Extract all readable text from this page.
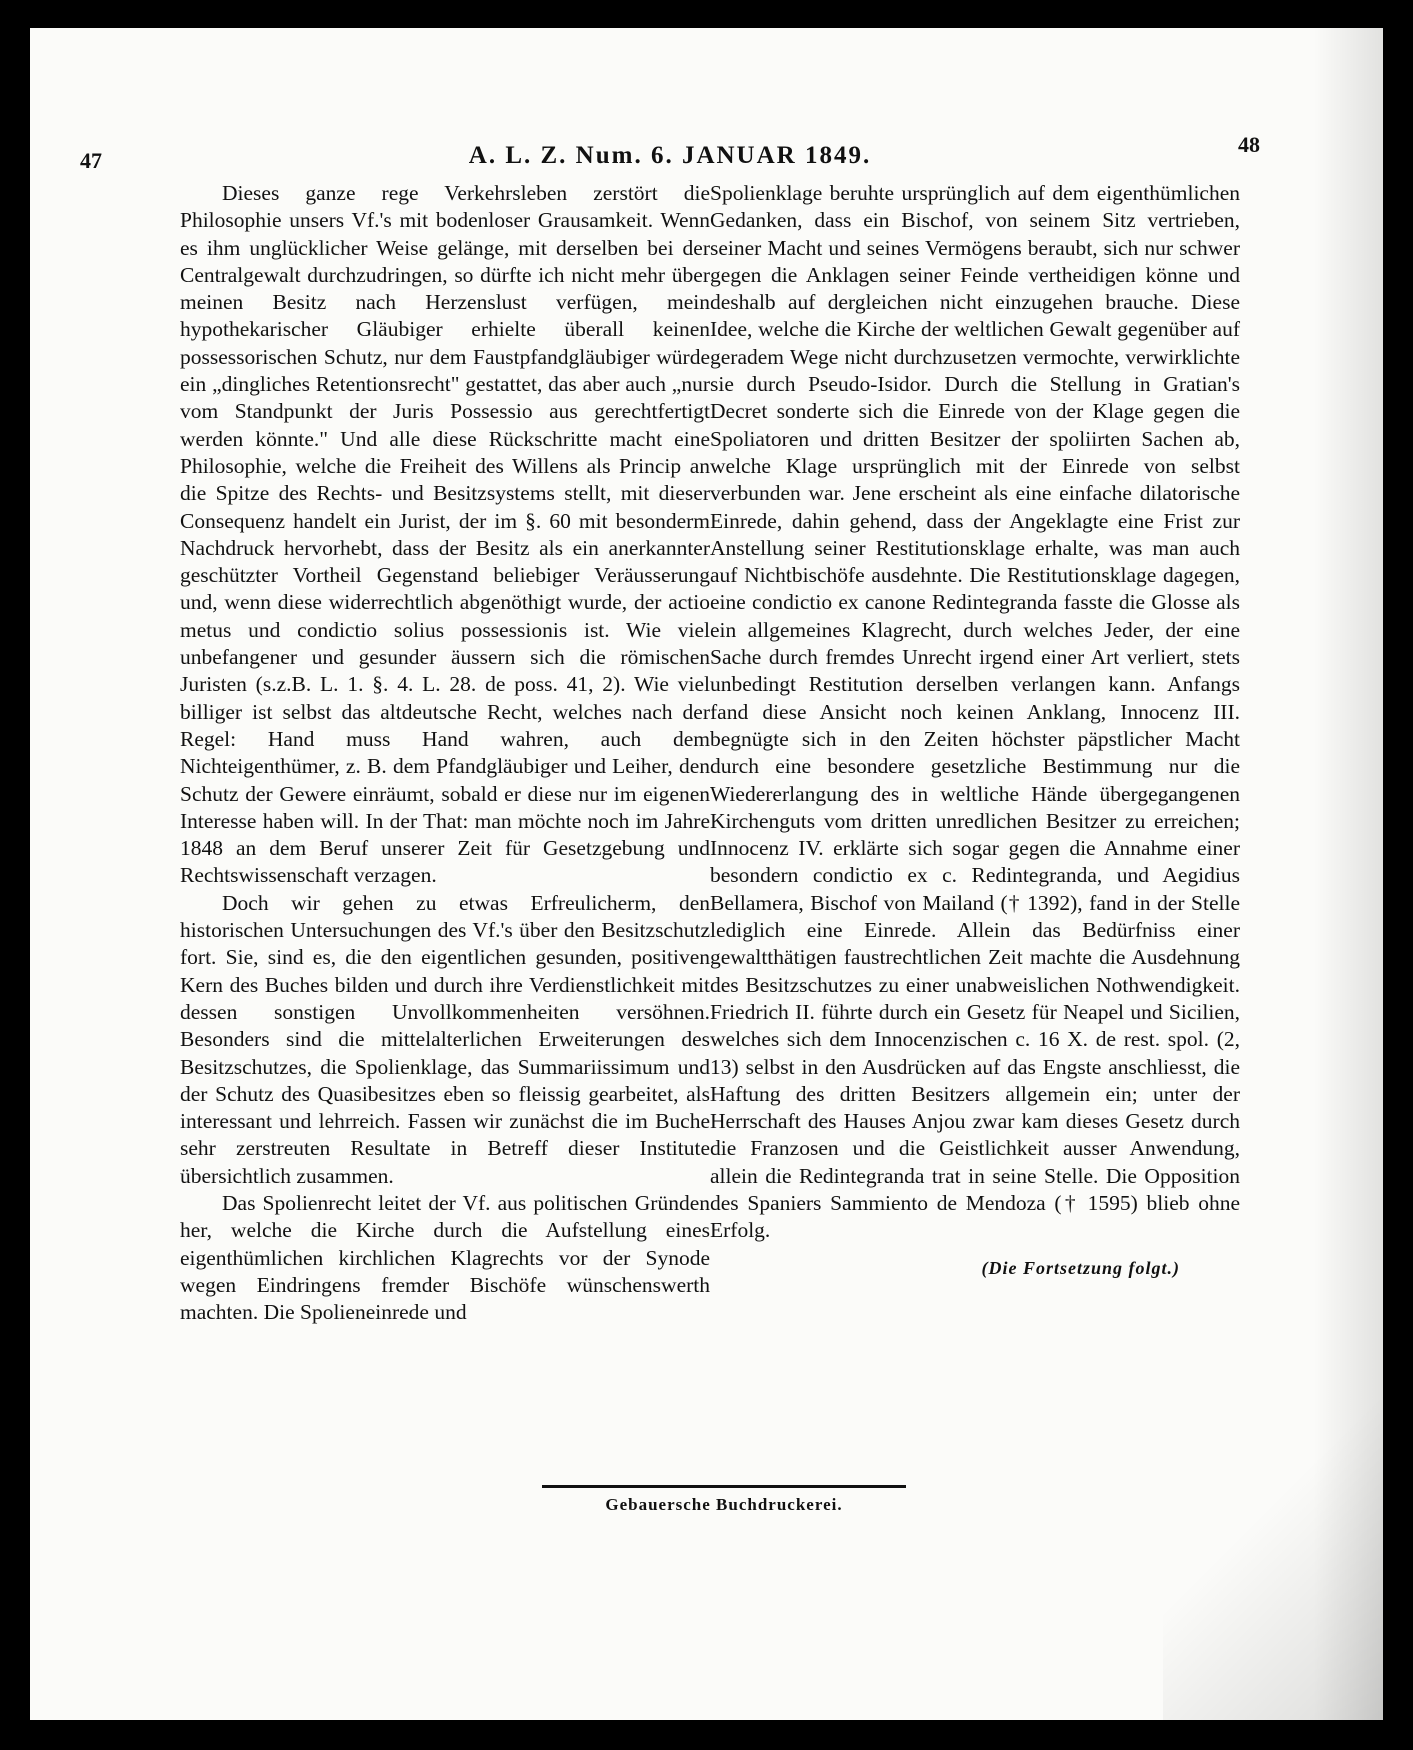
47	A. L. Z. Num. 6. JANUAR 1849.	48

Dieses ganze rege Verkehrsleben zerstört die Philosophie unsers Vf.'s mit bodenloser Grausamkeit. Wenn es ihm unglücklicher Weise gelänge, mit derselben bei der Centralgewalt durchzudringen, so dürfte ich nicht mehr über meinen Besitz nach Herzenslust verfügen, mein hypothekarischer Gläubiger erhielte überall keinen possessorischen Schutz, nur dem Faustpfandgläubiger würde ein „dingliches Retentionsrecht" gestattet, das aber auch „nur vom Standpunkt der Juris Possessio aus gerechtfertigt werden könnte." Und alle diese Rückschritte macht eine Philosophie, welche die Freiheit des Willens als Princip an die Spitze des Rechts- und Besitzsystems stellt, mit dieser Consequenz handelt ein Jurist, der im §. 60 mit besonderm Nachdruck hervorhebt, dass der Besitz als ein anerkannter geschützter Vortheil Gegenstand beliebiger Veräusserung und, wenn diese widerrechtlich abgenöthigt wurde, der actio metus und condictio solius possessionis ist. Wie viel unbefangener und gesunder äussern sich die römischen Juristen (s.z.B. L. 1. §. 4. L. 28. de poss. 41, 2). Wie viel billiger ist selbst das altdeutsche Recht, welches nach der Regel: Hand muss Hand wahren, auch dem Nichteigenthümer, z. B. dem Pfandgläubiger und Leiher, den Schutz der Gewere einräumt, sobald er diese nur im eigenen Interesse haben will. In der That: man möchte noch im Jahre 1848 an dem Beruf unserer Zeit für Gesetzgebung und Rechtswissenschaft verzagen.

Doch wir gehen zu etwas Erfreulicherm, den historischen Untersuchungen des Vf.'s über den Besitzschutz fort. Sie, sind es, die den eigentlichen gesunden, positiven Kern des Buches bilden und durch ihre Verdienstlichkeit mit dessen sonstigen Unvollkommenheiten versöhnen. Besonders sind die mittelalterlichen Erweiterungen des Besitzschutzes, die Spolienklage, das Summariissimum und der Schutz des Quasibesitzes eben so fleissig gearbeitet, als interessant und lehrreich. Fassen wir zunächst die im Buche sehr zerstreuten Resultate in Betreff dieser Institute übersichtlich zusammen.

Das Spolienrecht leitet der Vf. aus politischen Gründen her, welche die Kirche durch die Aufstellung eines eigenthümlichen kirchlichen Klagrechts vor der Synode wegen Eindringens fremder Bischöfe wünschenswerth machten. Die Spolieneinrede und

Spolienklage beruhte ursprünglich auf dem eigenthümlichen Gedanken, dass ein Bischof, von seinem Sitz vertrieben, seiner Macht und seines Vermögens beraubt, sich nur schwer gegen die Anklagen seiner Feinde vertheidigen könne und deshalb auf dergleichen nicht einzugehen brauche. Diese Idee, welche die Kirche der weltlichen Gewalt gegenüber auf geradem Wege nicht durchzusetzen vermochte, verwirklichte sie durch Pseudo-Isidor. Durch die Stellung in Gratian's Decret sonderte sich die Einrede von der Klage gegen die Spoliatoren und dritten Besitzer der spoliirten Sachen ab, welche Klage ursprünglich mit der Einrede von selbst verbunden war. Jene erscheint als eine einfache dilatorische Einrede, dahin gehend, dass der Angeklagte eine Frist zur Anstellung seiner Restitutionsklage erhalte, was man auch auf Nichtbischöfe ausdehnte. Die Restitutionsklage dagegen, eine condictio ex canone Redintegranda fasste die Glosse als ein allgemeines Klagrecht, durch welches Jeder, der eine Sache durch fremdes Unrecht irgend einer Art verliert, stets unbedingt Restitution derselben verlangen kann. Anfangs fand diese Ansicht noch keinen Anklang, Innocenz III. begnügte sich in den Zeiten höchster päpstlicher Macht durch eine besondere gesetzliche Bestimmung nur die Wiedererlangung des in weltliche Hände übergegangenen Kirchenguts vom dritten unredlichen Besitzer zu erreichen; Innocenz IV. erklärte sich sogar gegen die Annahme einer besondern condictio ex c. Redintegranda, und Aegidius Bellamera, Bischof von Mailand († 1392), fand in der Stelle lediglich eine Einrede. Allein das Bedürfniss einer gewaltthätigen faustrechtlichen Zeit machte die Ausdehnung des Besitzschutzes zu einer unabweislichen Nothwendigkeit. Friedrich II. führte durch ein Gesetz für Neapel und Sicilien, welches sich dem Innocenzischen c. 16 X. de rest. spol. (2, 13) selbst in den Ausdrücken auf das Engste anschliesst, die Haftung des dritten Besitzers allgemein ein; unter der Herrschaft des Hauses Anjou zwar kam dieses Gesetz durch die Franzosen und die Geistlichkeit ausser Anwendung, allein die Redintegranda trat in seine Stelle. Die Opposition des Spaniers Sammiento de Mendoza († 1595) blieb ohne Erfolg.

(Die Fortsetzung folgt.)

Gebauersche Buchdruckerei.
